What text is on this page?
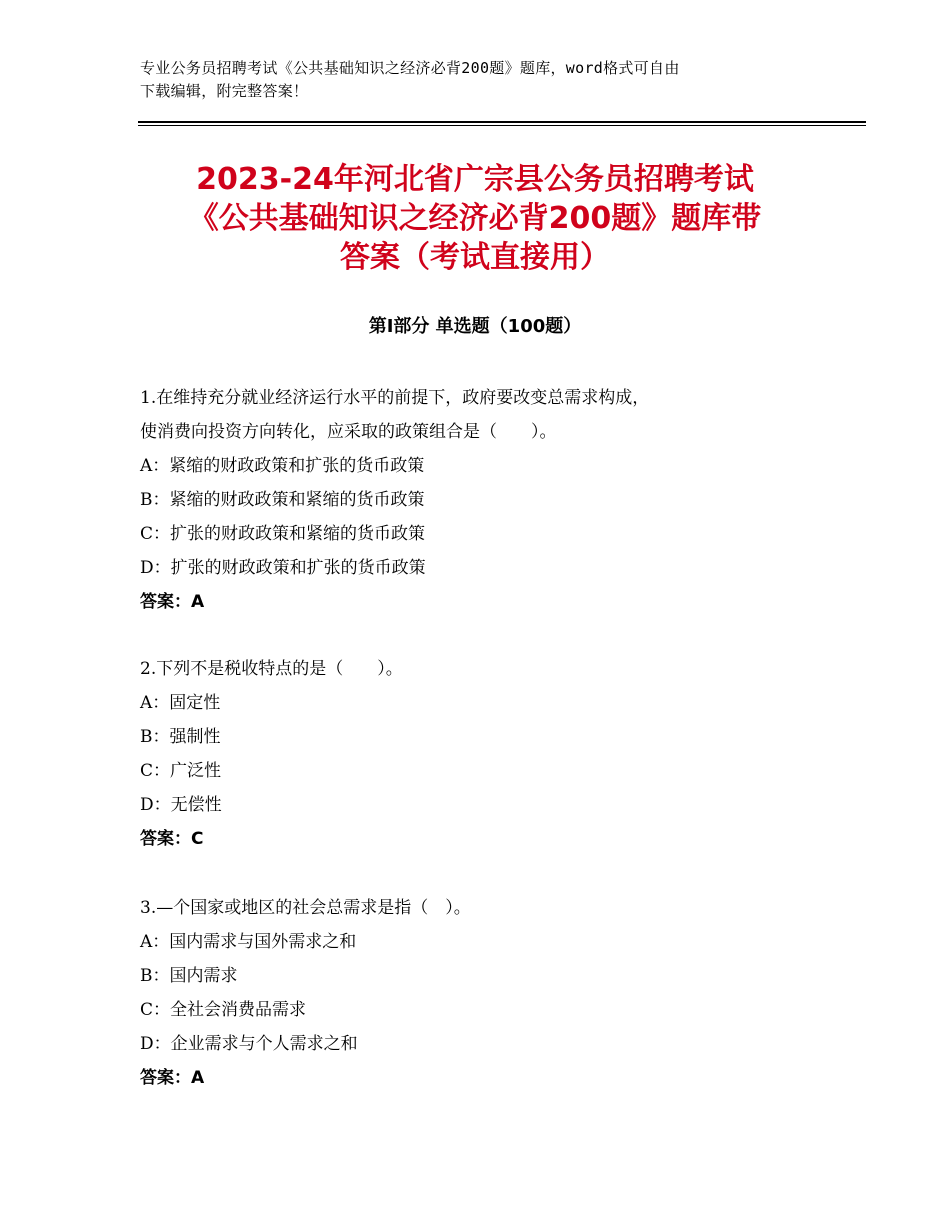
专业公务员招聘考试《公共基础知识之经济必背200题》题库，word格式可自由
下载编辑，附完整答案！
2023-24年河北省广宗县公务员招聘考试
《公共基础知识之经济必背200题》题库带
答案（考试直接用）
第Ⅰ部分 单选题（100题）
1.在维持充分就业经济运行水平的前提下，政府要改变总需求构成，
使消费向投资方向转化，应采取的政策组合是（　　）。
A：紧缩的财政政策和扩张的货币政策
B：紧缩的财政政策和紧缩的货币政策
C：扩张的财政政策和紧缩的货币政策
D：扩张的财政政策和扩张的货币政策
答案：A
2.下列不是税收特点的是（　　）。
A：固定性
B：强制性
C：广泛性
D：无偿性
答案：C
3.—个国家或地区的社会总需求是指（　）。
A：国内需求与国外需求之和
B：国内需求
C：全社会消费品需求
D：企业需求与个人需求之和
答案：A
